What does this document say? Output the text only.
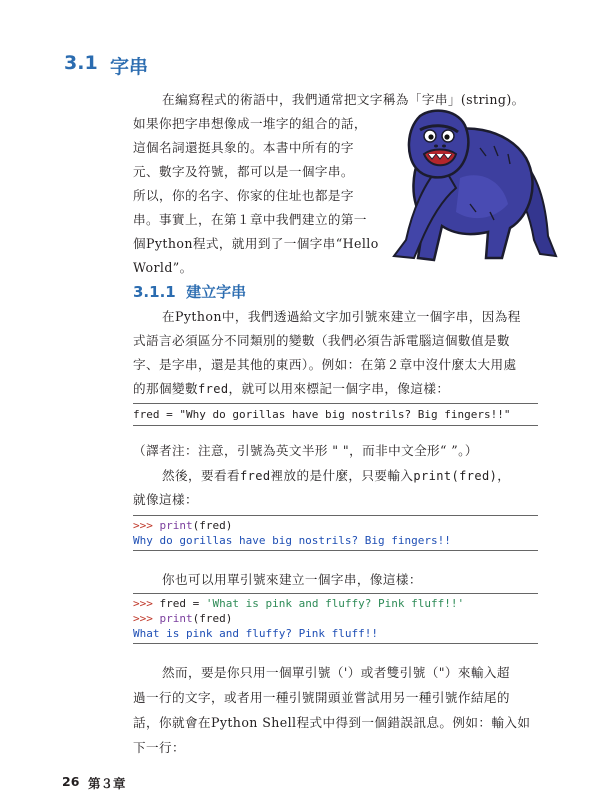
3.1 字串
在編寫程式的術語中，我們通常把文字稱為「字串」(string)。
如果你把字串想像成一堆字的組合的話，
這個名詞還挺具象的。本書中所有的字
元、數字及符號，都可以是一個字串。
所以，你的名字、你家的住址也都是字
串。事實上，在第１章中我們建立的第一
個Python程式，就用到了一個字串“Hello
World”。
3.1.1 建立字串
在Python中，我們透過給文字加引號來建立一個字串，因為程
式語言必須區分不同類別的變數（我們必須告訴電腦這個數值是數
字、是字串，還是其他的東西）。例如：在第２章中沒什麼太大用處
的那個變數fred，就可以用來標記一個字串，像這樣：
fred = "Why do gorillas have big nostrils? Big fingers!!"
（譯者注：注意，引號為英文半形 " "，而非中文全形“ ”。）
然後，要看看fred裡放的是什麼，只要輸入print(fred)，
就像這樣：
>>> print(fred)
Why do gorillas have big nostrils? Big fingers!!
你也可以用單引號來建立一個字串，像這樣：
>>> fred = 'What is pink and fluffy? Pink fluff!!'
>>> print(fred)
What is pink and fluffy? Pink fluff!!
然而，要是你只用一個單引號（'）或者雙引號（"）來輸入超
過一行的文字，或者用一種引號開頭並嘗試用另一種引號作結尾的
話，你就會在Python Shell程式中得到一個錯誤訊息。例如：輸入如
下一行：
26 第３章
